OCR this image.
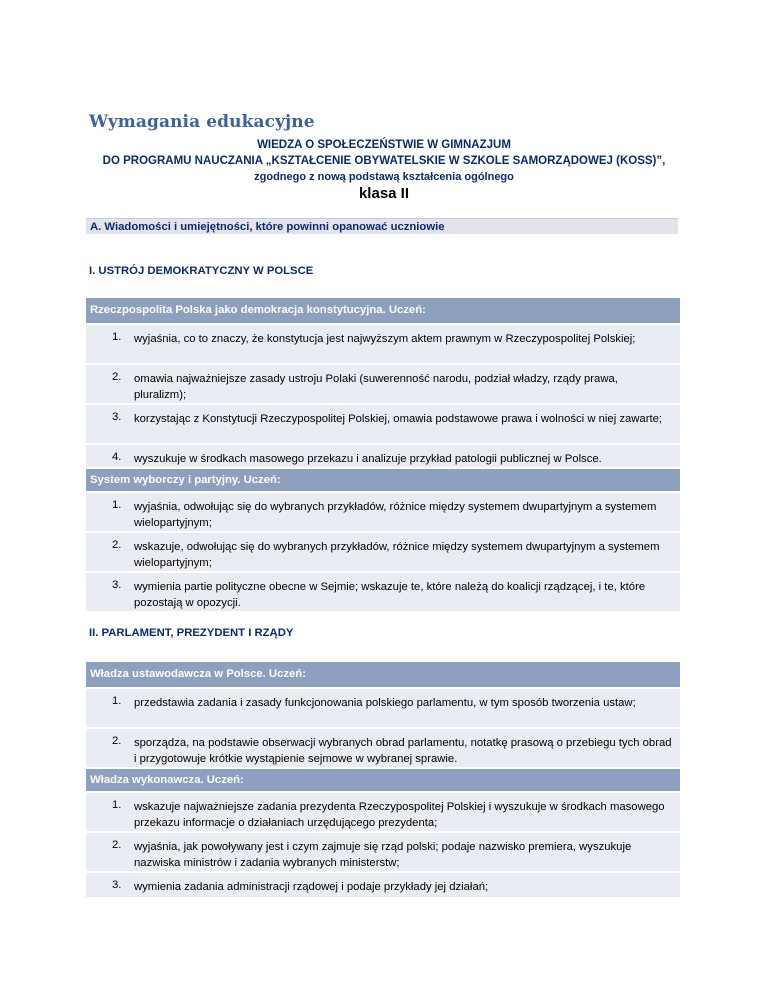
Wymagania edukacyjne
WIEDZA O SPOŁECZEŃSTWIE W GIMNAZJUM
DO PROGRAMU NAUCZANIA „KSZTAŁCENIE OBYWATELSKIE W SZKOLE SAMORZĄDOWEJ (KOSS)”,
zgodnego z nową podstawą kształcenia ogólnego
klasa II
A. Wiadomości i umiejętności, które powinni opanować uczniowie
I. USTRÓJ DEMOKRATYCZNY W POLSCE
Rzeczpospolita Polska jako demokracja konstytucyjna. Uczeń:
1. wyjaśnia, co to znaczy, że konstytucja jest najwyższym aktem prawnym w Rzeczypospolitej Polskiej;
2. omawia najważniejsze zasady ustroju Polaki (suwerenność narodu, podział władzy, rządy prawa, pluralizm);
3. korzystając z Konstytucji Rzeczypospolitej Polskiej, omawia podstawowe prawa i wolności w niej zawarte;
4. wyszukuje w środkach masowego przekazu i analizuje przykład patologii publicznej w Polsce.
System wyborczy i partyjny. Uczeń:
1. wyjaśnia, odwołując się do wybranych przykładów, różnice między systemem dwupartyjnym a systemem wielopartyjnym;
2. wskazuje, odwołując się do wybranych przykładów, różnice między systemem dwupartyjnym a systemem wielopartyjnym;
3. wymienia partie polityczne obecne w Sejmie; wskazuje te, które należą do koalicji rządzącej, i te, które pozostają w opozycji.
II. PARLAMENT, PREZYDENT I RZĄDY
Władza ustawodawcza w Polsce. Uczeń:
1. przedstawia zadania i zasady funkcjonowania polskiego parlamentu, w tym sposób tworzenia ustaw;
2. sporządza, na podstawie obserwacji wybranych obrad parlamentu, notatkę prasową o przebiegu tych obrad i przygotowuje krótkie wystąpienie sejmowe w wybranej sprawie.
Władza wykonawcza. Uczeń:
1. wskazuje najważniejsze zadania prezydenta Rzeczypospolitej Polskiej i wyszukuje w środkach masowego przekazu informacje o działaniach urzędującego prezydenta;
2. wyjaśnia, jak powoływany jest i czym zajmuje się rząd polski; podaje nazwisko premiera, wyszukuje nazwiska ministrów i zadania wybranych ministerstw;
3. wymienia zadania administracji rządowej i podaje przykłady jej działań;
